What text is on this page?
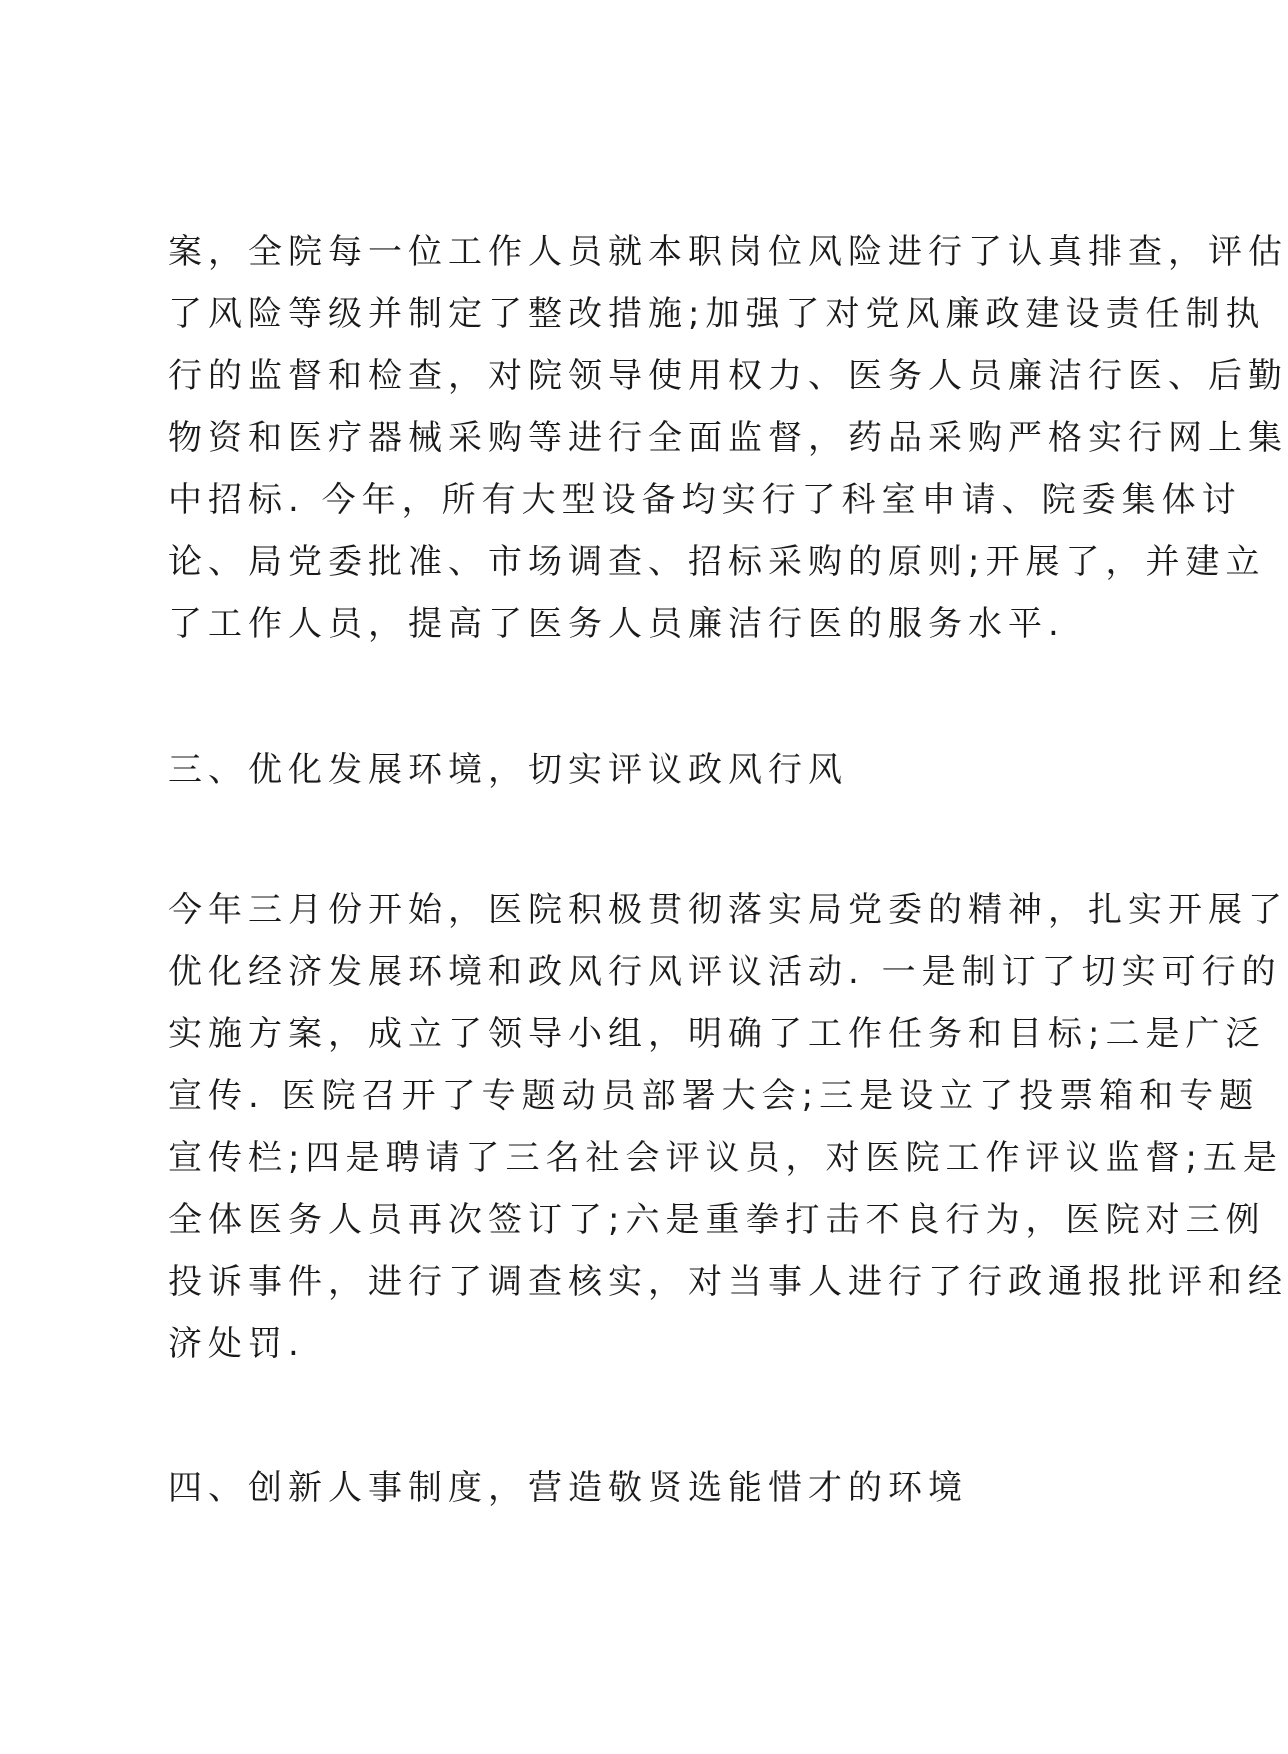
案，全院每一位工作人员就本职岗位风险进行了认真排查，评估
了风险等级并制定了整改措施;加强了对党风廉政建设责任制执
行的监督和检查，对院领导使用权力、医务人员廉洁行医、后勤
物资和医疗器械采购等进行全面监督，药品采购严格实行网上集
中招标. 今年，所有大型设备均实行了科室申请、院委集体讨
论、局党委批准、市场调查、招标采购的原则;开展了，并建立
了工作人员，提高了医务人员廉洁行医的服务水平.
三、优化发展环境，切实评议政风行风
今年三月份开始，医院积极贯彻落实局党委的精神，扎实开展了
优化经济发展环境和政风行风评议活动. 一是制订了切实可行的
实施方案，成立了领导小组，明确了工作任务和目标;二是广泛
宣传. 医院召开了专题动员部署大会;三是设立了投票箱和专题
宣传栏;四是聘请了三名社会评议员，对医院工作评议监督;五是
全体医务人员再次签订了;六是重拳打击不良行为，医院对三例
投诉事件，进行了调查核实，对当事人进行了行政通报批评和经
济处罚.
四、创新人事制度，营造敬贤选能惜才的环境
